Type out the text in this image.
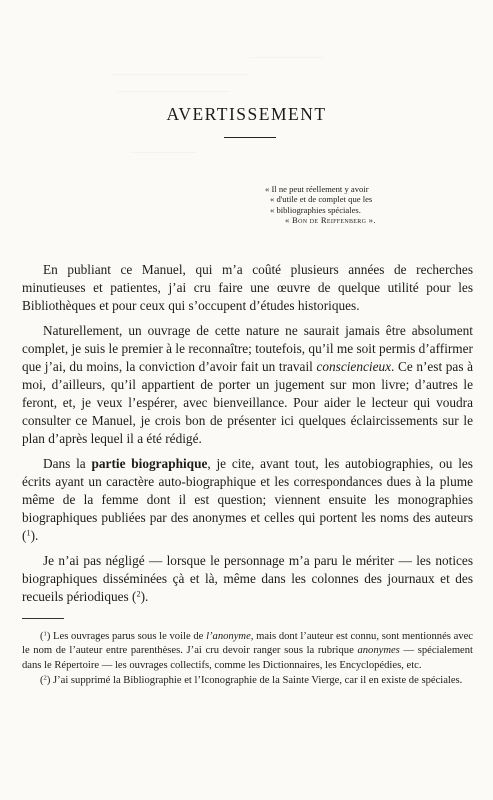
‾‾‾‾‾‾‾‾‾‾‾‾‾‾‾‾‾‾‾‾‾‾
‾‾‾‾‾‾‾‾‾‾‾‾‾‾‾‾‾‾‾‾‾‾‾‾‾‾‾‾‾‾‾‾‾‾‾‾‾‾‾‾‾‾
‾‾‾‾‾‾‾‾‾‾‾‾‾‾‾‾‾‾‾‾‾‾‾‾‾‾‾‾‾‾‾‾‾‾
‾‾‾‾‾‾‾‾‾‾‾‾‾‾‾‾‾‾‾‾
AVERTISSEMENT
« Il ne peut réellement y avoir
« d'utile et de complet que les
« bibliographies spéciales.
« Bon de Reiffenberg ».

En publiant ce Manuel, qui m’a coûté plusieurs années de recherches minutieuses et patientes, j’ai cru faire une œuvre de quelque utilité pour les Bibliothèques et pour ceux qui s’occupent d’études historiques.

Naturellement, un ouvrage de cette nature ne saurait jamais être absolument complet, je suis le premier à le reconnaître; toutefois, qu’il me soit permis d’affirmer que j’ai, du moins, la conviction d’avoir fait un travail consciencieux. Ce n’est pas à moi, d’ailleurs, qu’il appartient de porter un jugement sur mon livre; d’autres le feront, et, je veux l’espérer, avec bienveillance. Pour aider le lecteur qui voudra consulter ce Manuel, je crois bon de présenter ici quelques éclaircissements sur le plan d’après lequel il a été rédigé.

Dans la partie biographique, je cite, avant tout, les autobiographies, ou les écrits ayant un caractère auto-biographique et les correspondances dues à la plume même de la femme dont il est question; viennent ensuite les monographies biographiques publiées par des anonymes et celles qui portent les noms des auteurs ($^1$).

Je n’ai pas négligé — lorsque le personnage m’a paru le mériter — les notices biographiques disséminées çà et là, même dans les colonnes des journaux et des recueils périodiques ($^2$).

($^1$) Les ouvrages parus sous le voile de l’anonyme, mais dont l’auteur est connu, sont mentionnés avec le nom de l’auteur entre parenthèses. J’ai cru devoir ranger sous la rubrique anonymes — spécialement dans le Répertoire — les ouvrages collectifs, comme les Dictionnaires, les Encyclopédies, etc.

($^2$) J’ai supprimé la Bibliographie et l’Iconographie de la Sainte Vierge, car il en existe de spéciales.
